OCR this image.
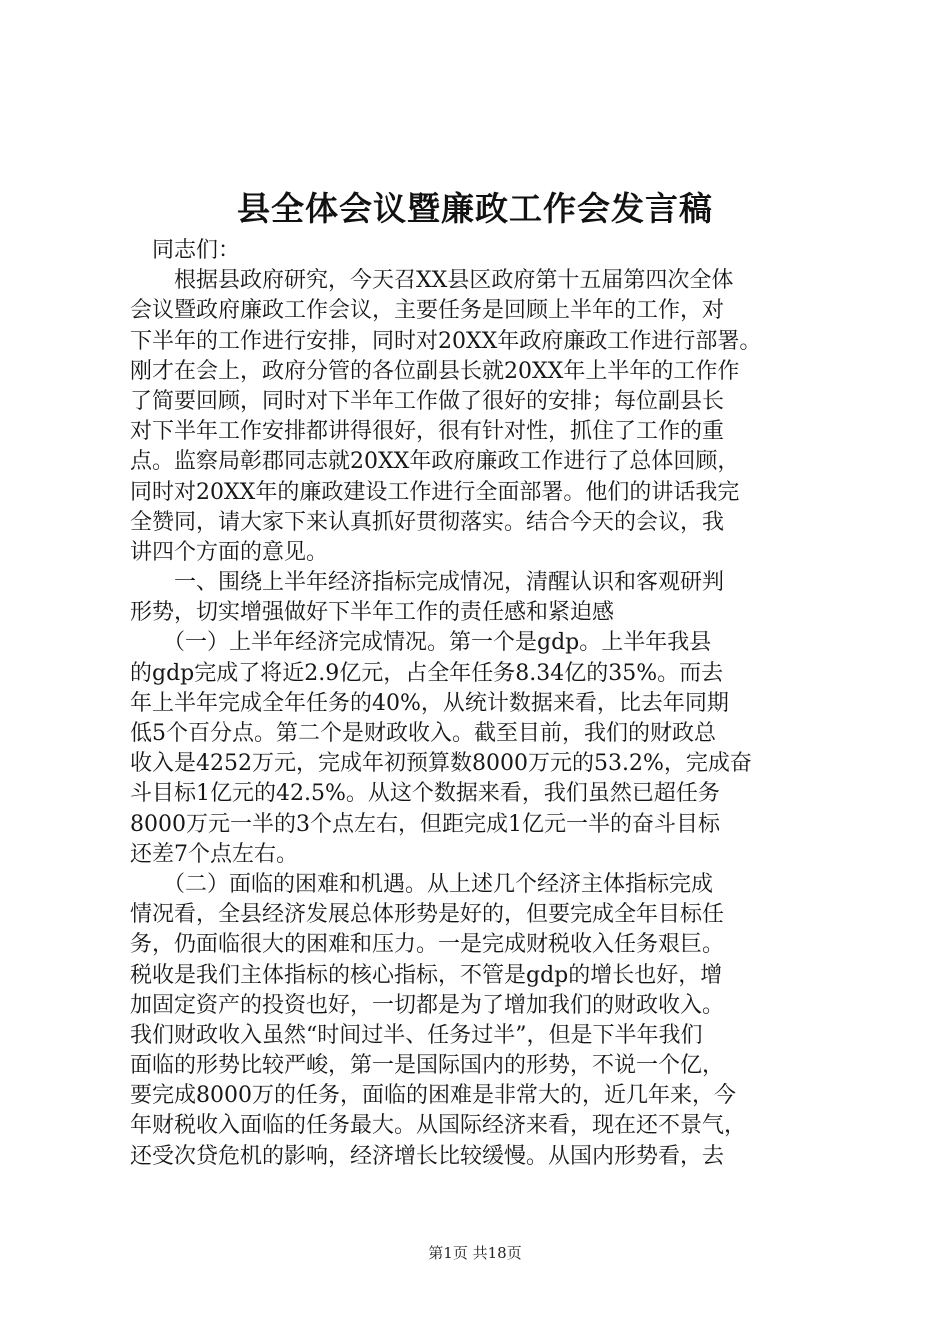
县全体会议暨廉政工作会发言稿
　同志们：
　　根据县政府研究，今天召XX县区政府第十五届第四次全体
会议暨政府廉政工作会议，主要任务是回顾上半年的工作，对
下半年的工作进行安排，同时对20XX年政府廉政工作进行部署。
刚才在会上，政府分管的各位副县长就20XX年上半年的工作作
了简要回顾，同时对下半年工作做了很好的安排；每位副县长
对下半年工作安排都讲得很好，很有针对性，抓住了工作的重
点。监察局彰郡同志就20XX年政府廉政工作进行了总体回顾，
同时对20XX年的廉政建设工作进行全面部署。他们的讲话我完
全赞同，请大家下来认真抓好贯彻落实。结合今天的会议，我
讲四个方面的意见。
　　一、围绕上半年经济指标完成情况，清醒认识和客观研判
形势，切实增强做好下半年工作的责任感和紧迫感
　　（一）上半年经济完成情况。第一个是gdp。上半年我县
的gdp完成了将近2.9亿元，占全年任务8.34亿的35%。而去
年上半年完成全年任务的40%，从统计数据来看，比去年同期
低5个百分点。第二个是财政收入。截至目前，我们的财政总
收入是4252万元，完成年初预算数8000万元的53.2%，完成奋
斗目标1亿元的42.5%。从这个数据来看，我们虽然已超任务
8000万元一半的3个点左右，但距完成1亿元一半的奋斗目标
还差7个点左右。
　　（二）面临的困难和机遇。从上述几个经济主体指标完成
情况看，全县经济发展总体形势是好的，但要完成全年目标任
务，仍面临很大的困难和压力。一是完成财税收入任务艰巨。
税收是我们主体指标的核心指标，不管是gdp的增长也好，增
加固定资产的投资也好，一切都是为了增加我们的财政收入。
我们财政收入虽然“时间过半、任务过半”，但是下半年我们
面临的形势比较严峻，第一是国际国内的形势，不说一个亿，
要完成8000万的任务，面临的困难是非常大的，近几年来，今
年财税收入面临的任务最大。从国际经济来看，现在还不景气，
还受次贷危机的影响，经济增长比较缓慢。从国内形势看，去
第1页 共18页
